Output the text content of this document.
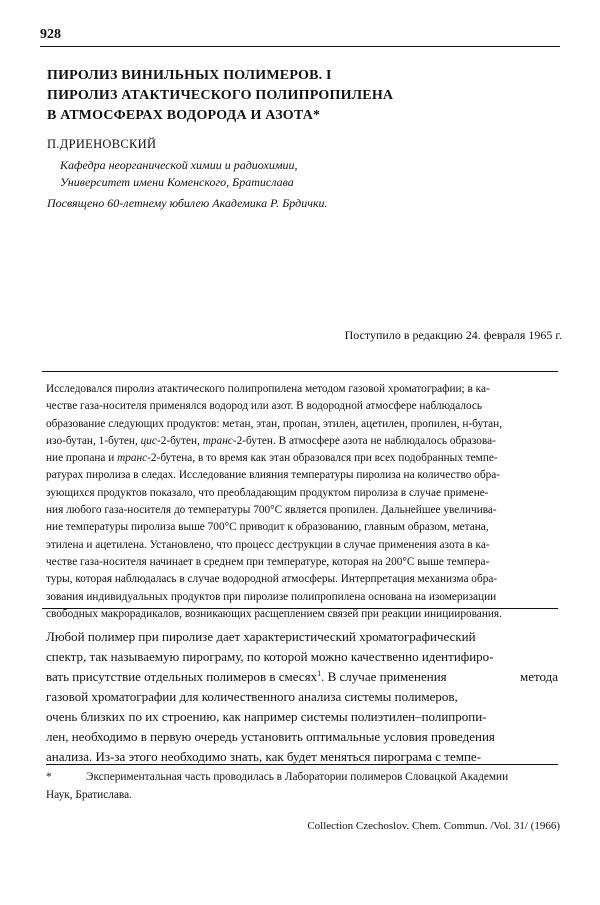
928
ПИРОЛИЗ ВИНИЛЬНЫХ ПОЛИМЕРОВ. I
ПИРОЛИЗ АТАКТИЧЕСКОГО ПОЛИПРОПИЛЕНА
В АТМОСФЕРАХ ВОДОРОДА И АЗОТА*
П.ДРИЕНОВСКИЙ
Кафедра неорганической химии и радиохимии,
Университет имени Коменского, Братислава
Посвящено 60-летнему юбилею Академика Р. Брдички.
Поступило в редакцию 24. февраля 1965 г.
Исследовался пиролиз атактического полипропилена методом газовой хроматографии; в ка-
честве газа-носителя применялся водород или азот. В водородной атмосфере наблюдалось
образование следующих продуктов: метан, этан, пропан, этилен, ацетилен, пропилен, н-бутан,
изо-бутан, 1-бутен, цис-2-бутен, транс-2-бутен. В атмосфере азота не наблюдалось образова-
ние пропана и транс-2-бутена, в то время как этан образовался при всех подобранных темпе-
ратурах пиролиза в следах. Исследование влияния температуры пиролиза на количество обра-
зующихся продуктов показало, что преобладающим продуктом пиролиза в случае примене-
ния любого газа-носителя до температуры 700°С является пропилен. Дальнейшее увеличива-
ние температуры пиролиза выше 700°С приводит к образованию, главным образом, метана,
этилена и ацетилена. Установлено, что процесс деструкции в случае применения азота в ка-
честве газа-носителя начинает в среднем при температуре, которая на 200°С выше темпера-
туры, которая наблюдалась в случае водородной атмосферы. Интерпретация механизма обра-
зования индивидуальных продуктов при пиролизе полипропилена основана на изомеризации
свободных макрорадикалов, возникающих расщеплением связей при реакции инициирования.
Любой полимер при пиролизе дает характеристический хроматографический
спектр, так называемую пирограму, по которой можно качественно идентифиро-
вать присутствие отдельных полимеров в смесях$^1$. В случае применения	метода
газовой хроматографии для количественного анализа системы полимеров,
очень близких по их строению, как например системы полиэтилен–полипропи-
лен, необходимо в первую очередь установить оптимальные условия проведения
анализа. Из-за этого необходимо знать, как будет меняться пирограма с темпе-
*	Экспериментальная часть проводилась в Лаборатории полимеров Словацкой Академии
Наук, Братислава.
Collection Czechoslov. Chem. Commun. /Vol. 31/ (1966)
